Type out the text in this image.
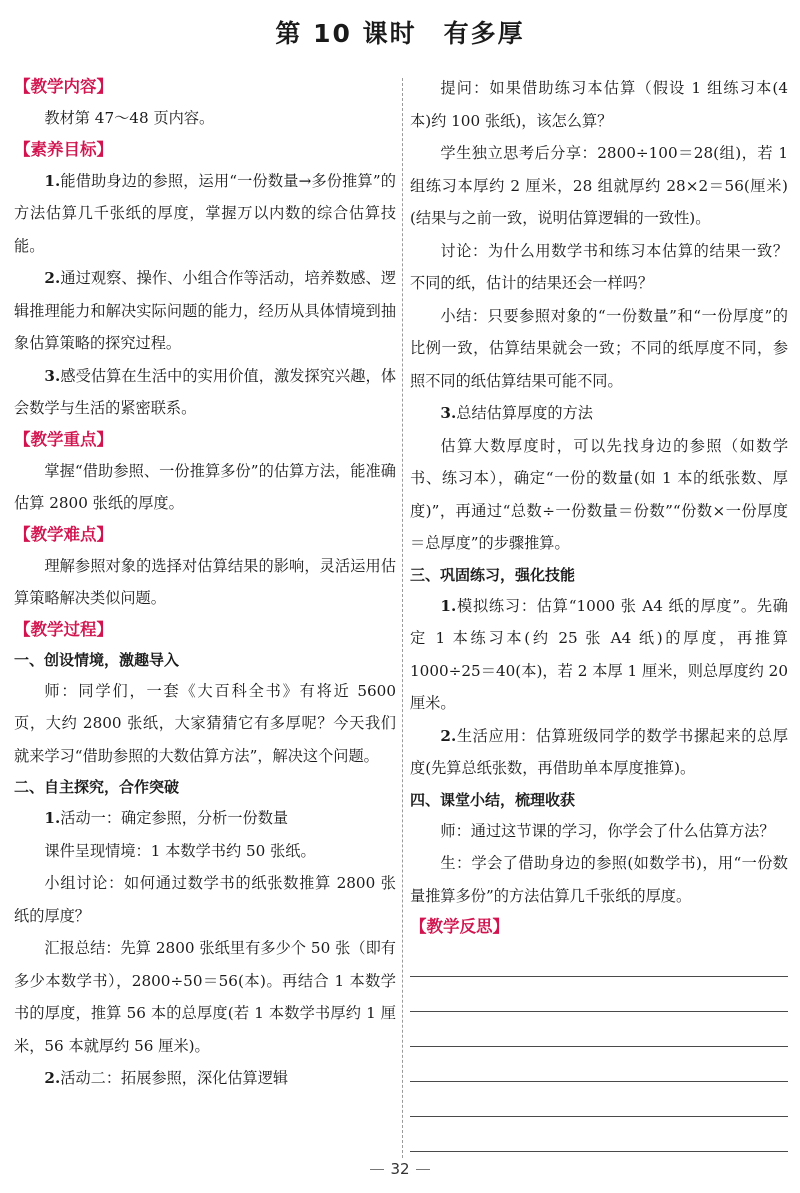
第 10 课时　有多厚
【教学内容】

教材第 47～48 页内容。

【素养目标】

1.能借助身边的参照，运用“一份数量→多份推算”的方法估算几千张纸的厚度，掌握万以内数的综合估算技能。

2.通过观察、操作、小组合作等活动，培养数感、逻辑推理能力和解决实际问题的能力，经历从具体情境到抽象估算策略的探究过程。

3.感受估算在生活中的实用价值，激发探究兴趣，体会数学与生活的紧密联系。

【教学重点】

掌握“借助参照、一份推算多份”的估算方法，能准确估算 2800 张纸的厚度。

【教学难点】

理解参照对象的选择对估算结果的影响，灵活运用估算策略解决类似问题。

【教学过程】
一、创设情境，激趣导入

师：同学们，一套《大百科全书》有将近 5600 页，大约 2800 张纸，大家猜猜它有多厚呢？今天我们就来学习“借助参照的大数估算方法”，解决这个问题。

二、自主探究，合作突破

1.活动一：确定参照，分析一份数量

课件呈现情境：1 本数学书约 50 张纸。

小组讨论：如何通过数学书的纸张数推算 2800 张纸的厚度？

汇报总结：先算 2800 张纸里有多少个 50 张（即有多少本数学书），2800÷50＝56(本)。再结合 1 本数学书的厚度，推算 56 本的总厚度(若 1 本数学书厚约 1 厘米，56 本就厚约 56 厘米)。

2.活动二：拓展参照，深化估算逻辑

提问：如果借助练习本估算（假设 1 组练习本(4 本)约 100 张纸)，该怎么算？

学生独立思考后分享：2800÷100＝28(组)，若 1 组练习本厚约 2 厘米，28 组就厚约 28×2＝56(厘米)(结果与之前一致，说明估算逻辑的一致性)。

讨论：为什么用数学书和练习本估算的结果一致？不同的纸，估计的结果还会一样吗？

小结：只要参照对象的“一份数量”和“一份厚度”的比例一致，估算结果就会一致；不同的纸厚度不同，参照不同的纸估算结果可能不同。

3.总结估算厚度的方法

估算大数厚度时，可以先找身边的参照（如数学书、练习本），确定“一份的数量(如 1 本的纸张数、厚度)”，再通过“总数÷一份数量＝份数”“份数×一份厚度＝总厚度”的步骤推算。

三、巩固练习，强化技能

1.模拟练习：估算“1000 张 A4 纸的厚度”。先确定 1 本练习本(约 25 张 A4 纸)的厚度，再推算 1000÷25＝40(本)，若 2 本厚 1 厘米，则总厚度约 20 厘米。

2.生活应用：估算班级同学的数学书摞起来的总厚度(先算总纸张数，再借助单本厚度推算)。

四、课堂小结，梳理收获

师：通过这节课的学习，你学会了什么估算方法？

生：学会了借助身边的参照(如数学书)，用“一份数量推算多份”的方法估算几千张纸的厚度。

【教学反思】
32
